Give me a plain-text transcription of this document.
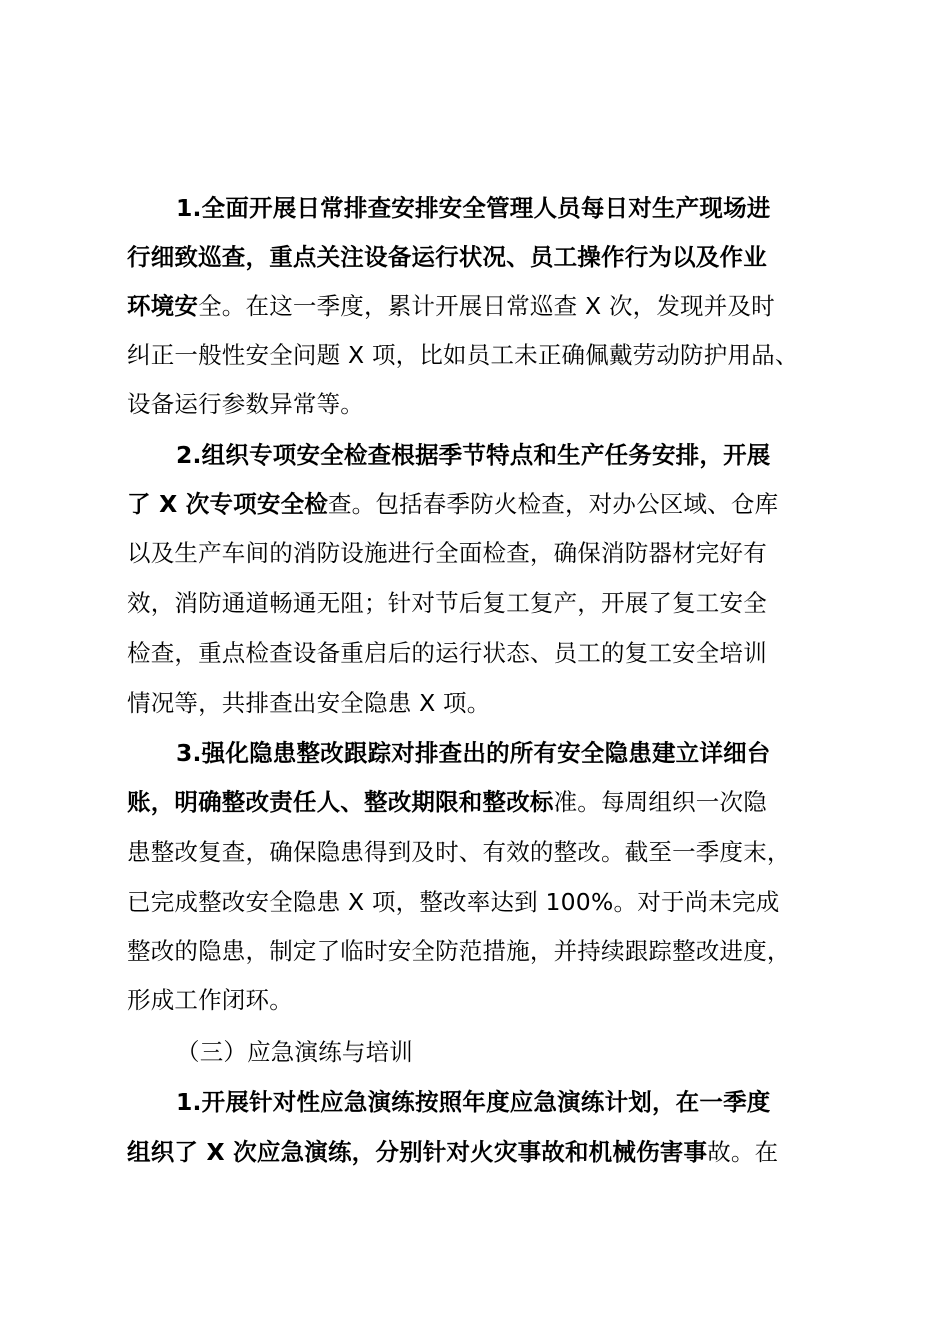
1.全面开展日常排查安排安全管理人员每日对生产现场进
行细致巡查，重点关注设备运行状况、员工操作行为以及作业
环境安全。在这一季度，累计开展日常巡查 X 次，发现并及时
纠正一般性安全问题 X 项，比如员工未正确佩戴劳动防护用品、
设备运行参数异常等。
2.组织专项安全检查根据季节特点和生产任务安排，开展
了 X 次专项安全检查。包括春季防火检查，对办公区域、仓库
以及生产车间的消防设施进行全面检查，确保消防器材完好有
效，消防通道畅通无阻；针对节后复工复产，开展了复工安全
检查，重点检查设备重启后的运行状态、员工的复工安全培训
情况等，共排查出安全隐患 X 项。
3.强化隐患整改跟踪对排查出的所有安全隐患建立详细台
账，明确整改责任人、整改期限和整改标准。每周组织一次隐
患整改复查，确保隐患得到及时、有效的整改。截至一季度末，
已完成整改安全隐患 X 项，整改率达到 100%。对于尚未完成
整改的隐患，制定了临时安全防范措施，并持续跟踪整改进度，
形成工作闭环。
（三）应急演练与培训
1.开展针对性应急演练按照年度应急演练计划，在一季度
组织了 X 次应急演练，分别针对火灾事故和机械伤害事故。在
